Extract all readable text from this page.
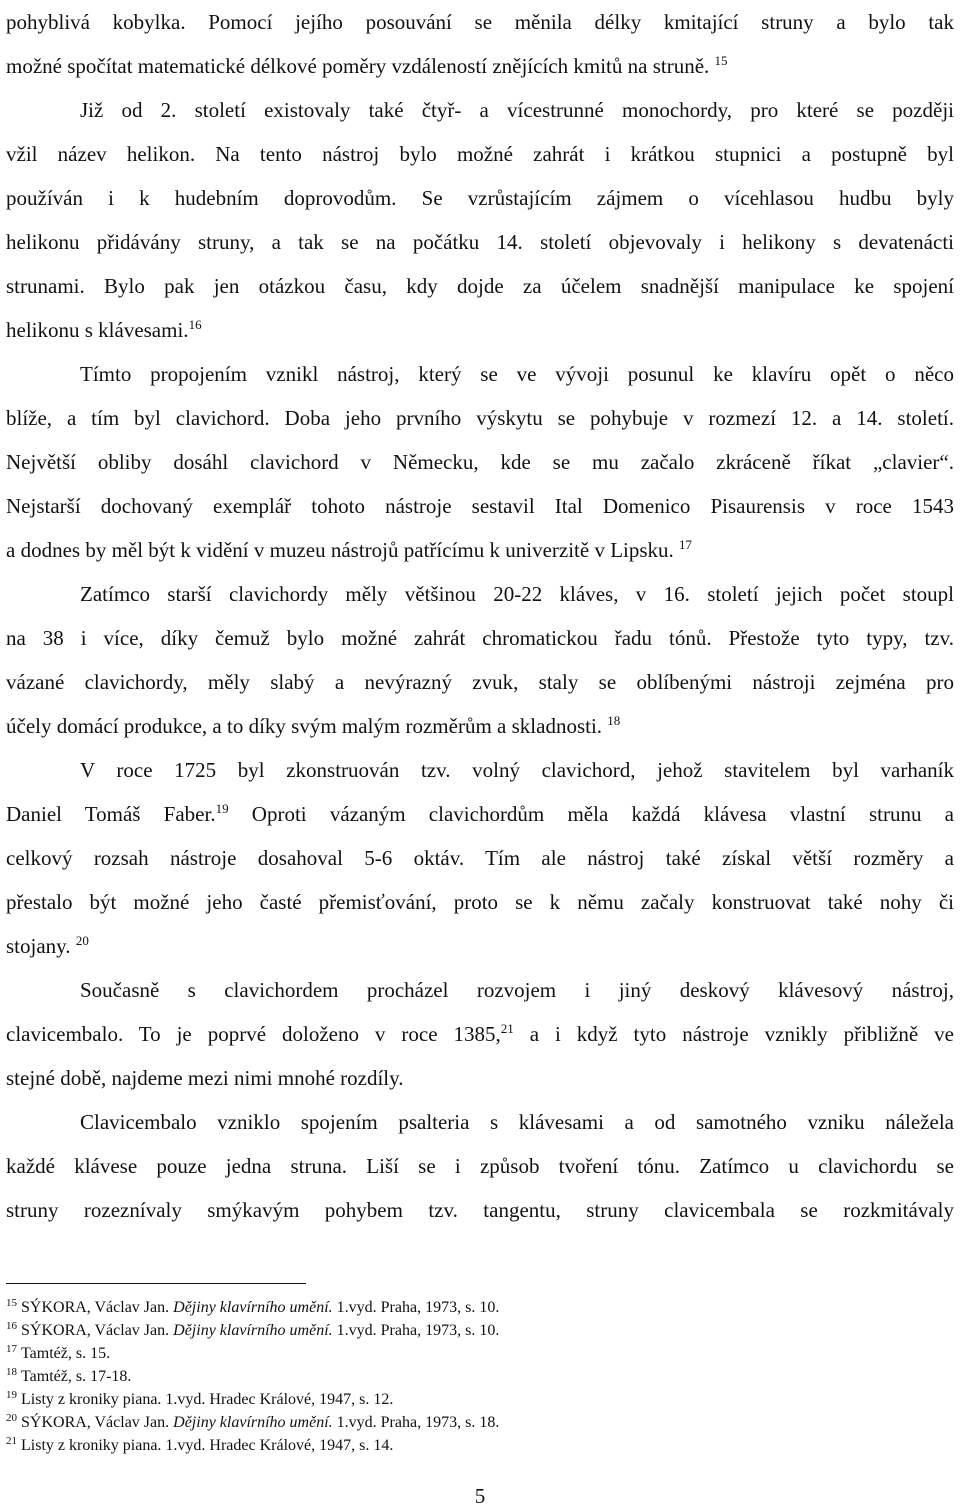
pohyblivá kobylka. Pomocí jejího posouvání se měnila délky kmitající struny a bylo tak
možné spočítat matematické délkové poměry vzdáleností znějících kmitů na struně. $^{15}$
Již od 2. století existovaly také čtyř- a vícestrunné monochordy, pro které se později
vžil název helikon. Na tento nástroj bylo možné zahrát i krátkou stupnici a postupně byl
používán i k hudebním doprovodům. Se vzrůstajícím zájmem o vícehlasou hudbu byly
helikonu přidávány struny, a tak se na počátku 14. století objevovaly i helikony s devatenácti
strunami. Bylo pak jen otázkou času, kdy dojde za účelem snadnější manipulace ke spojení
helikonu s klávesami.$^{16}$
Tímto propojením vznikl nástroj, který se ve vývoji posunul ke klavíru opět o něco
blíže, a tím byl clavichord. Doba jeho prvního výskytu se pohybuje v rozmezí 12. a 14. století.
Největší obliby dosáhl clavichord v Německu, kde se mu začalo zkráceně říkat „clavier“.
Nejstarší dochovaný exemplář tohoto nástroje sestavil Ital Domenico Pisaurensis v roce 1543
a dodnes by měl být k vidění v muzeu nástrojů patřícímu k univerzitě v Lipsku. $^{17}$
Zatímco starší clavichordy měly většinou 20-22 kláves, v 16. století jejich počet stoupl
na 38 i více, díky čemuž bylo možné zahrát chromatickou řadu tónů. Přestože tyto typy, tzv.
vázané clavichordy, měly slabý a nevýrazný zvuk, staly se oblíbenými nástroji zejména pro
účely domácí produkce, a to díky svým malým rozměrům a skladnosti. $^{18}$
V roce 1725 byl zkonstruován tzv. volný clavichord, jehož stavitelem byl varhaník
Daniel Tomáš Faber.$^{19}$ Oproti vázaným clavichordům měla každá klávesa vlastní strunu a
celkový rozsah nástroje dosahoval 5-6 oktáv. Tím ale nástroj také získal větší rozměry a
přestalo být možné jeho časté přemisťování, proto se k němu začaly konstruovat také nohy či
stojany. $^{20}$
Současně s clavichordem procházel rozvojem i jiný deskový klávesový nástroj,
clavicembalo. To je poprvé doloženo v roce 1385,21 a i když tyto nástroje vznikly přibližně ve
stejné době, najdeme mezi nimi mnohé rozdíly.
Clavicembalo vzniklo spojením psalteria s klávesami a od samotného vzniku náležela
každé klávese pouze jedna struna. Liší se i způsob tvoření tónu. Zatímco u clavichordu se
struny rozeznívaly smýkavým pohybem tzv. tangentu, struny clavicembala se rozkmitávaly
$^{15}$ SÝKORA, Václav Jan. Dějiny klavírního umění. 1.vyd. Praha, 1973, s. 10.
$^{16}$ SÝKORA, Václav Jan. Dějiny klavírního umění. 1.vyd. Praha, 1973, s. 10.
$^{17}$ Tamtéž, s. 15.
$^{18}$ Tamtéž, s. 17-18.
$^{19}$ Listy z kroniky piana. 1.vyd. Hradec Králové, 1947, s. 12.
$^{20}$ SÝKORA, Václav Jan. Dějiny klavírního umění. 1.vyd. Praha, 1973, s. 18.
$^{21}$ Listy z kroniky piana. 1.vyd. Hradec Králové, 1947, s. 14.
5
